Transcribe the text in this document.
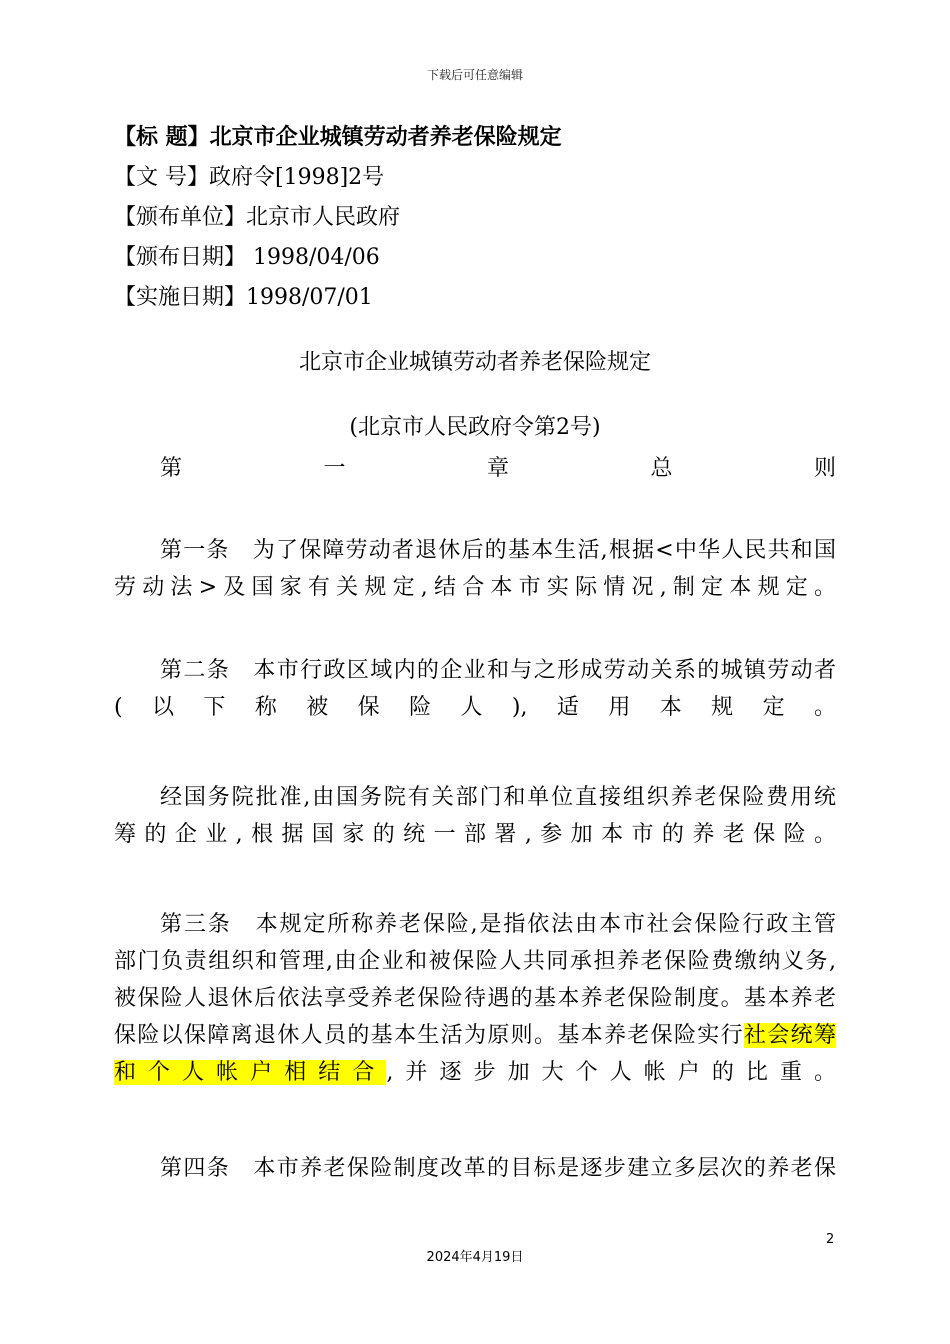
下载后可任意编辑
【标 题】北京市企业城镇劳动者养老保险规定
【文 号】政府令[1998]2号
【颁布单位】北京市人民政府
【颁布日期】 1998/04/06
【实施日期】1998/07/01
北京市企业城镇劳动者养老保险规定
(北京市人民政府令第2号)
第	一	章	总	则
第一条　为了保障劳动者退休后的基本生活,根据<中华人民共和国
劳动法>及国家有关规定,结合本市实际情况,制定本规定。
第二条　本市行政区域内的企业和与之形成劳动关系的城镇劳动者
(以下称被保险人),适用本规定。
经国务院批准,由国务院有关部门和单位直接组织养老保险费用统
筹的企业,根据国家的统一部署,参加本市的养老保险。
第三条　本规定所称养老保险,是指依法由本市社会保险行政主管
部门负责组织和管理,由企业和被保险人共同承担养老保险费缴纳义务,
被保险人退休后依法享受养老保险待遇的基本养老保险制度。基本养老
保险以保障离退休人员的基本生活为原则。基本养老保险实行社会统筹
和个人帐户相结合,并逐步加大个人帐户的比重。
第四条　本市养老保险制度改革的目标是逐步建立多层次的养老保
2
2024年4月19日
